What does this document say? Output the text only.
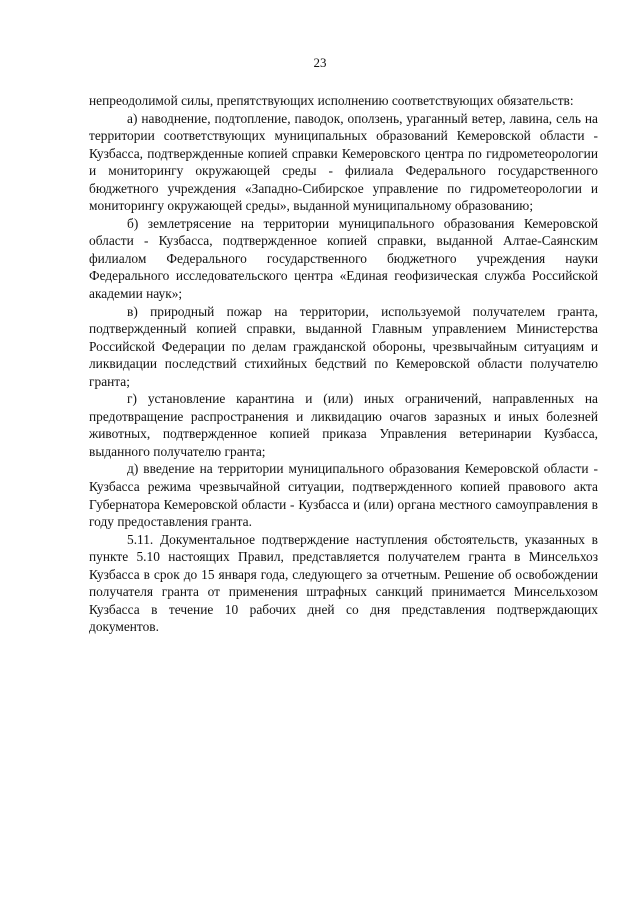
23

непреодолимой силы, препятствующих исполнению соответствующих обязательств:

а) наводнение, подтопление, паводок, оползень, ураганный ветер, лавина, сель на территории соответствующих муниципальных образований Кемеровской области - Кузбасса, подтвержденные копией справки Кемеровского центра по гидрометеорологии и мониторингу окружающей среды - филиала Федерального государственного бюджетного учреждения «Западно-Сибирское управление по гидрометеорологии и мониторингу окружающей среды», выданной муниципальному образованию;

б) землетрясение на территории муниципального образования Кемеровской области - Кузбасса, подтвержденное копией справки, выданной Алтае-Саянским филиалом Федерального государственного бюджетного учреждения науки Федерального исследовательского центра «Единая геофизическая служба Российской академии наук»;

в) природный пожар на территории, используемой получателем гранта, подтвержденный копией справки, выданной Главным управлением Министерства Российской Федерации по делам гражданской обороны, чрезвычайным ситуациям и ликвидации последствий стихийных бедствий по Кемеровской области получателю гранта;

г) установление карантина и (или) иных ограничений, направленных на предотвращение распространения и ликвидацию очагов заразных и иных болезней животных, подтвержденное копией приказа Управления ветеринарии Кузбасса, выданного получателю гранта;

д) введение на территории муниципального образования Кемеровской области - Кузбасса режима чрезвычайной ситуации, подтвержденного копией правового акта Губернатора Кемеровской области - Кузбасса и (или) органа местного самоуправления в году предоставления гранта.

5.11. Документальное подтверждение наступления обстоятельств, указанных в пункте 5.10 настоящих Правил, представляется получателем гранта в Минсельхоз Кузбасса в срок до 15 января года, следующего за отчетным. Решение об освобождении получателя гранта от применения штрафных санкций принимается Минсельхозом Кузбасса в течение 10 рабочих дней со дня представления подтверждающих документов.
